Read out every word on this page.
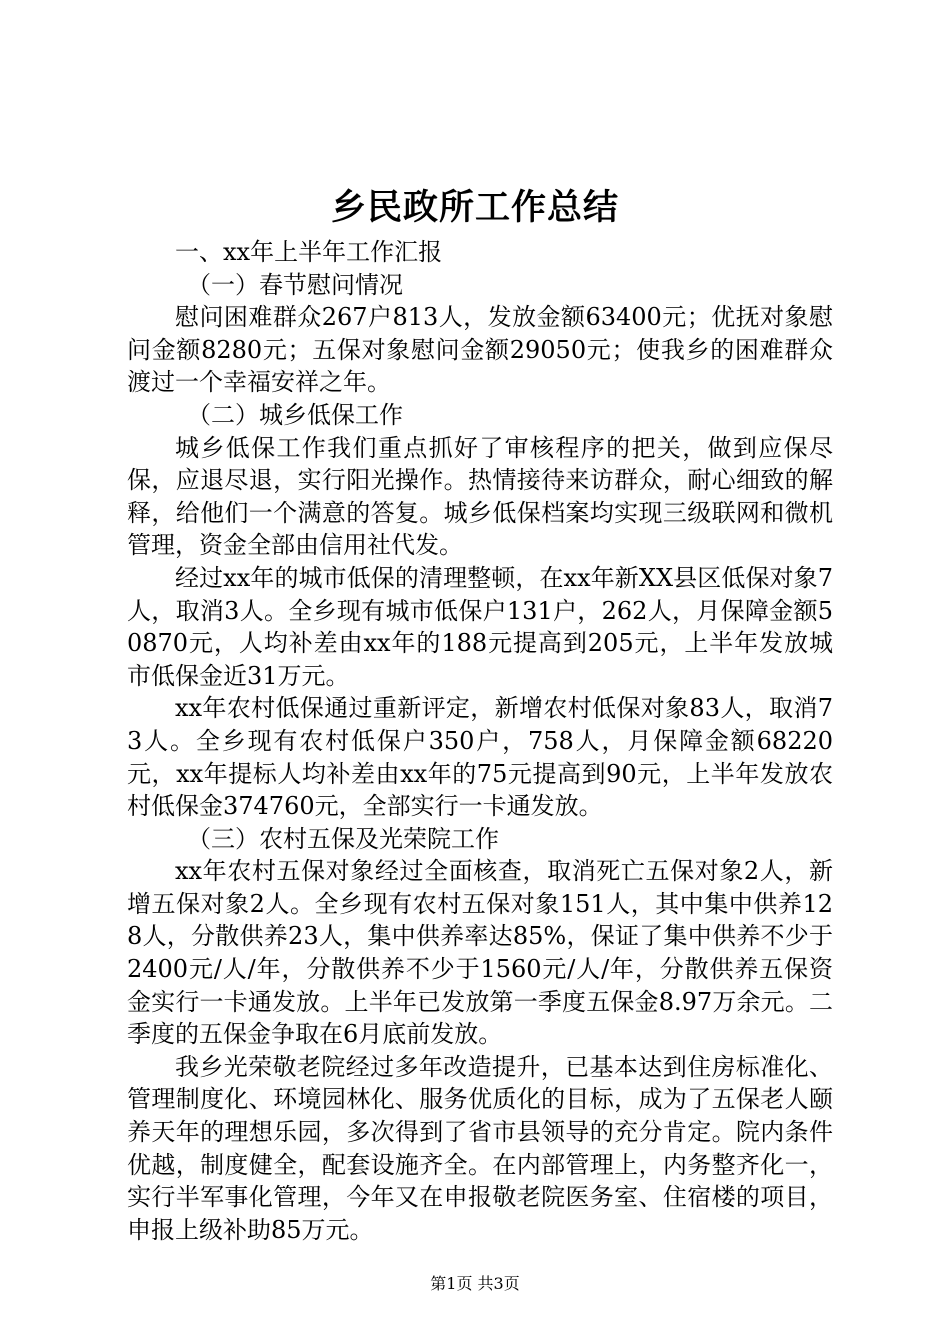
乡民政所工作总结

一、xx年上半年工作汇报

（一）春节慰问情况

慰问困难群众267户813人，发放金额63400元；优抚对象慰问金额8280元；五保对象慰问金额29050元；使我乡的困难群众渡过一个幸福安祥之年。

（二）城乡低保工作

城乡低保工作我们重点抓好了审核程序的把关，做到应保尽保，应退尽退，实行阳光操作。热情接待来访群众，耐心细致的解释，给他们一个满意的答复。城乡低保档案均实现三级联网和微机管理，资金全部由信用社代发。

经过xx年的城市低保的清理整顿，在xx年新XX县区低保对象7人，取消3人。全乡现有城市低保户131户，262人，月保障金额50870元，人均补差由xx年的188元提高到205元，上半年发放城市低保金近31万元。

xx年农村低保通过重新评定，新增农村低保对象83人，取消73人。全乡现有农村低保户350户，758人，月保障金额68220元，xx年提标人均补差由xx年的75元提高到90元，上半年发放农村低保金374760元，全部实行一卡通发放。

（三）农村五保及光荣院工作

xx年农村五保对象经过全面核查，取消死亡五保对象2人，新增五保对象2人。全乡现有农村五保对象151人，其中集中供养128人，分散供养23人，集中供养率达85%，保证了集中供养不少于2400元/人/年，分散供养不少于1560元/人/年，分散供养五保资金实行一卡通发放。上半年已发放第一季度五保金8.97万余元。二季度的五保金争取在6月底前发放。

我乡光荣敬老院经过多年改造提升，已基本达到住房标准化、管理制度化、环境园林化、服务优质化的目标，成为了五保老人颐养天年的理想乐园，多次得到了省市县领导的充分肯定。院内条件优越，制度健全，配套设施齐全。在内部管理上，内务整齐化一，实行半军事化管理，今年又在申报敬老院医务室、住宿楼的项目，申报上级补助85万元。

第1页 共3页
